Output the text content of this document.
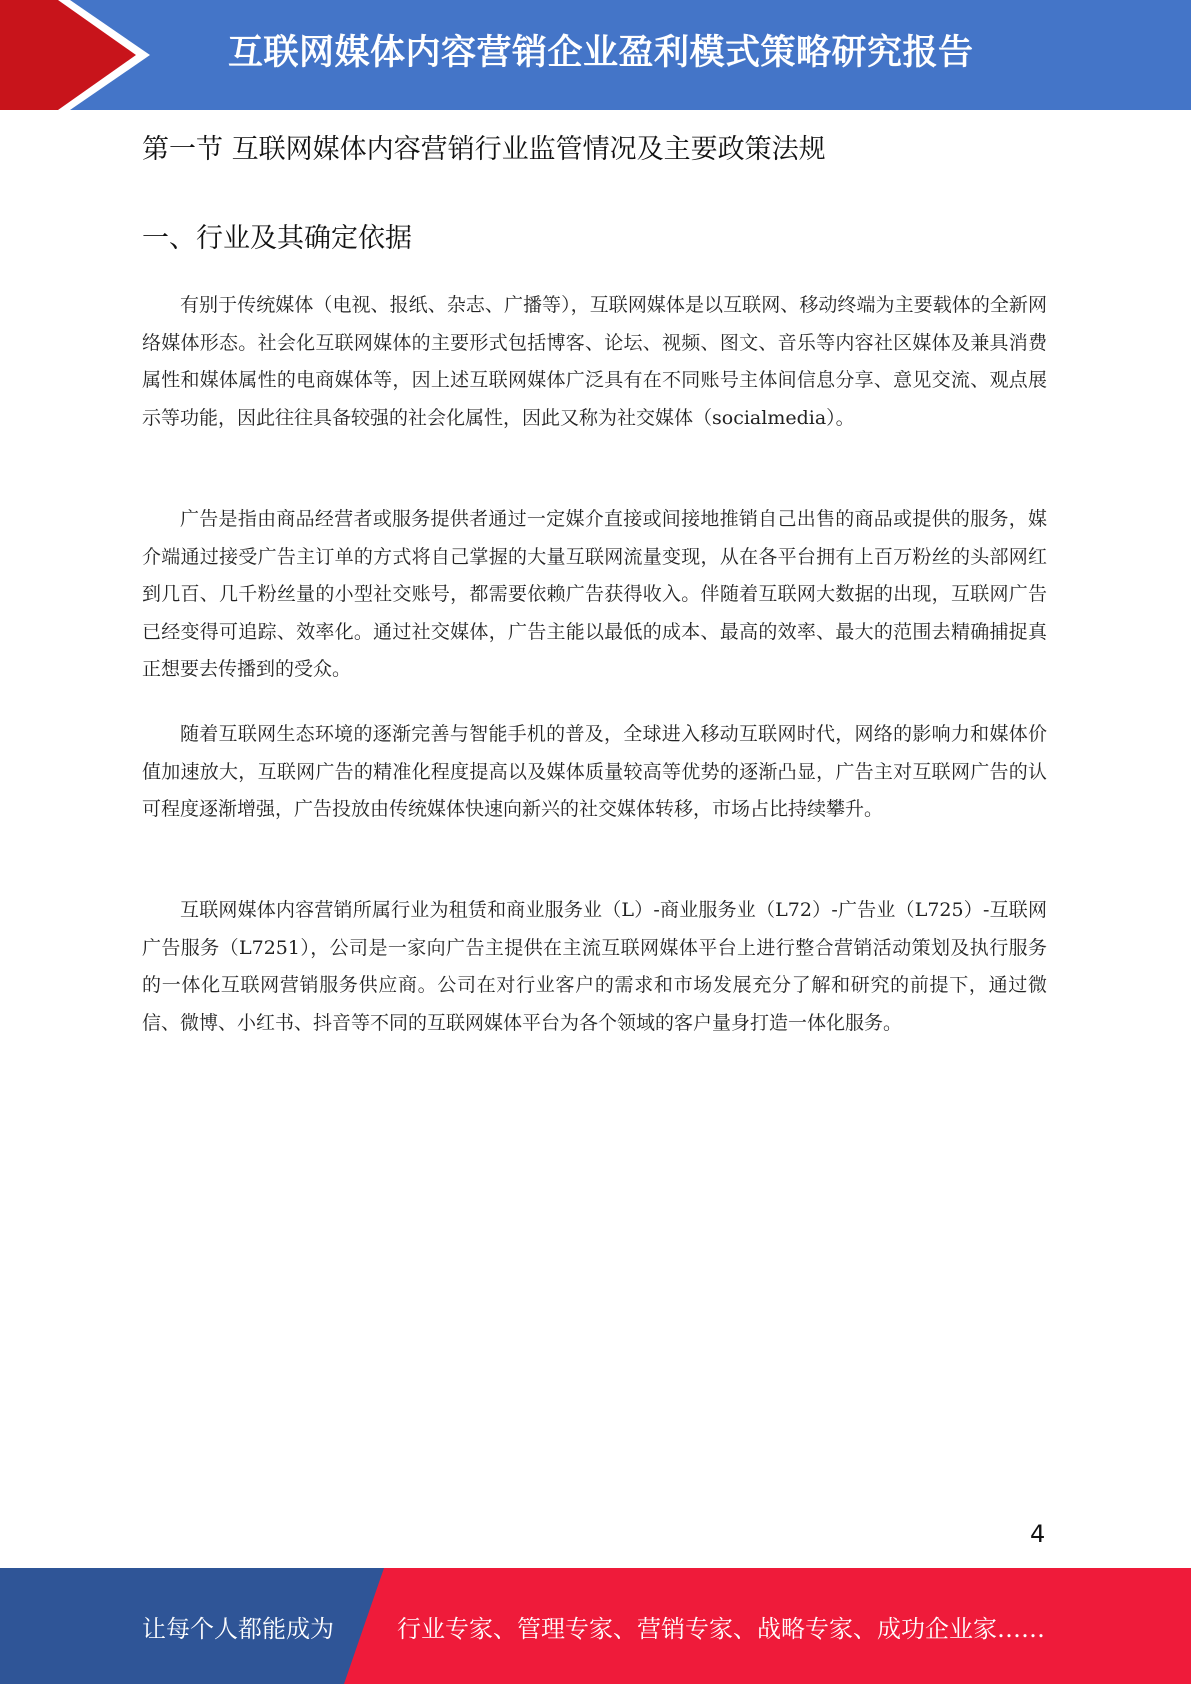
互联网媒体内容营销企业盈利模式策略研究报告
第一节 互联网媒体内容营销行业监管情况及主要政策法规
一、行业及其确定依据

有别于传统媒体（电视、报纸、杂志、广播等），互联网媒体是以互联网、移动终端为主要载体的全新网络媒体形态。社会化互联网媒体的主要形式包括博客、论坛、视频、图文、音乐等内容社区媒体及兼具消费属性和媒体属性的电商媒体等，因上述互联网媒体广泛具有在不同账号主体间信息分享、意见交流、观点展示等功能，因此往往具备较强的社会化属性，因此又称为社交媒体（socialmedia）。

广告是指由商品经营者或服务提供者通过一定媒介直接或间接地推销自己出售的商品或提供的服务，媒介端通过接受广告主订单的方式将自己掌握的大量互联网流量变现，从在各平台拥有上百万粉丝的头部网红到几百、几千粉丝量的小型社交账号，都需要依赖广告获得收入。伴随着互联网大数据的出现，互联网广告已经变得可追踪、效率化。通过社交媒体，广告主能以最低的成本、最高的效率、最大的范围去精确捕捉真正想要去传播到的受众。

随着互联网生态环境的逐渐完善与智能手机的普及，全球进入移动互联网时代，网络的影响力和媒体价值加速放大，互联网广告的精准化程度提高以及媒体质量较高等优势的逐渐凸显，广告主对互联网广告的认可程度逐渐增强，广告投放由传统媒体快速向新兴的社交媒体转移，市场占比持续攀升。

互联网媒体内容营销所属行业为租赁和商业服务业（L）-商业服务业（L72）-广告业（L725）-互联网广告服务（L7251），公司是一家向广告主提供在主流互联网媒体平台上进行整合营销活动策划及执行服务的一体化互联网营销服务供应商。公司在对行业客户的需求和市场发展充分了解和研究的前提下，通过微信、微博、小红书、抖音等不同的互联网媒体平台为各个领域的客户量身打造一体化服务。

4
让每个人都能成为	行业专家、管理专家、营销专家、战略专家、成功企业家……
